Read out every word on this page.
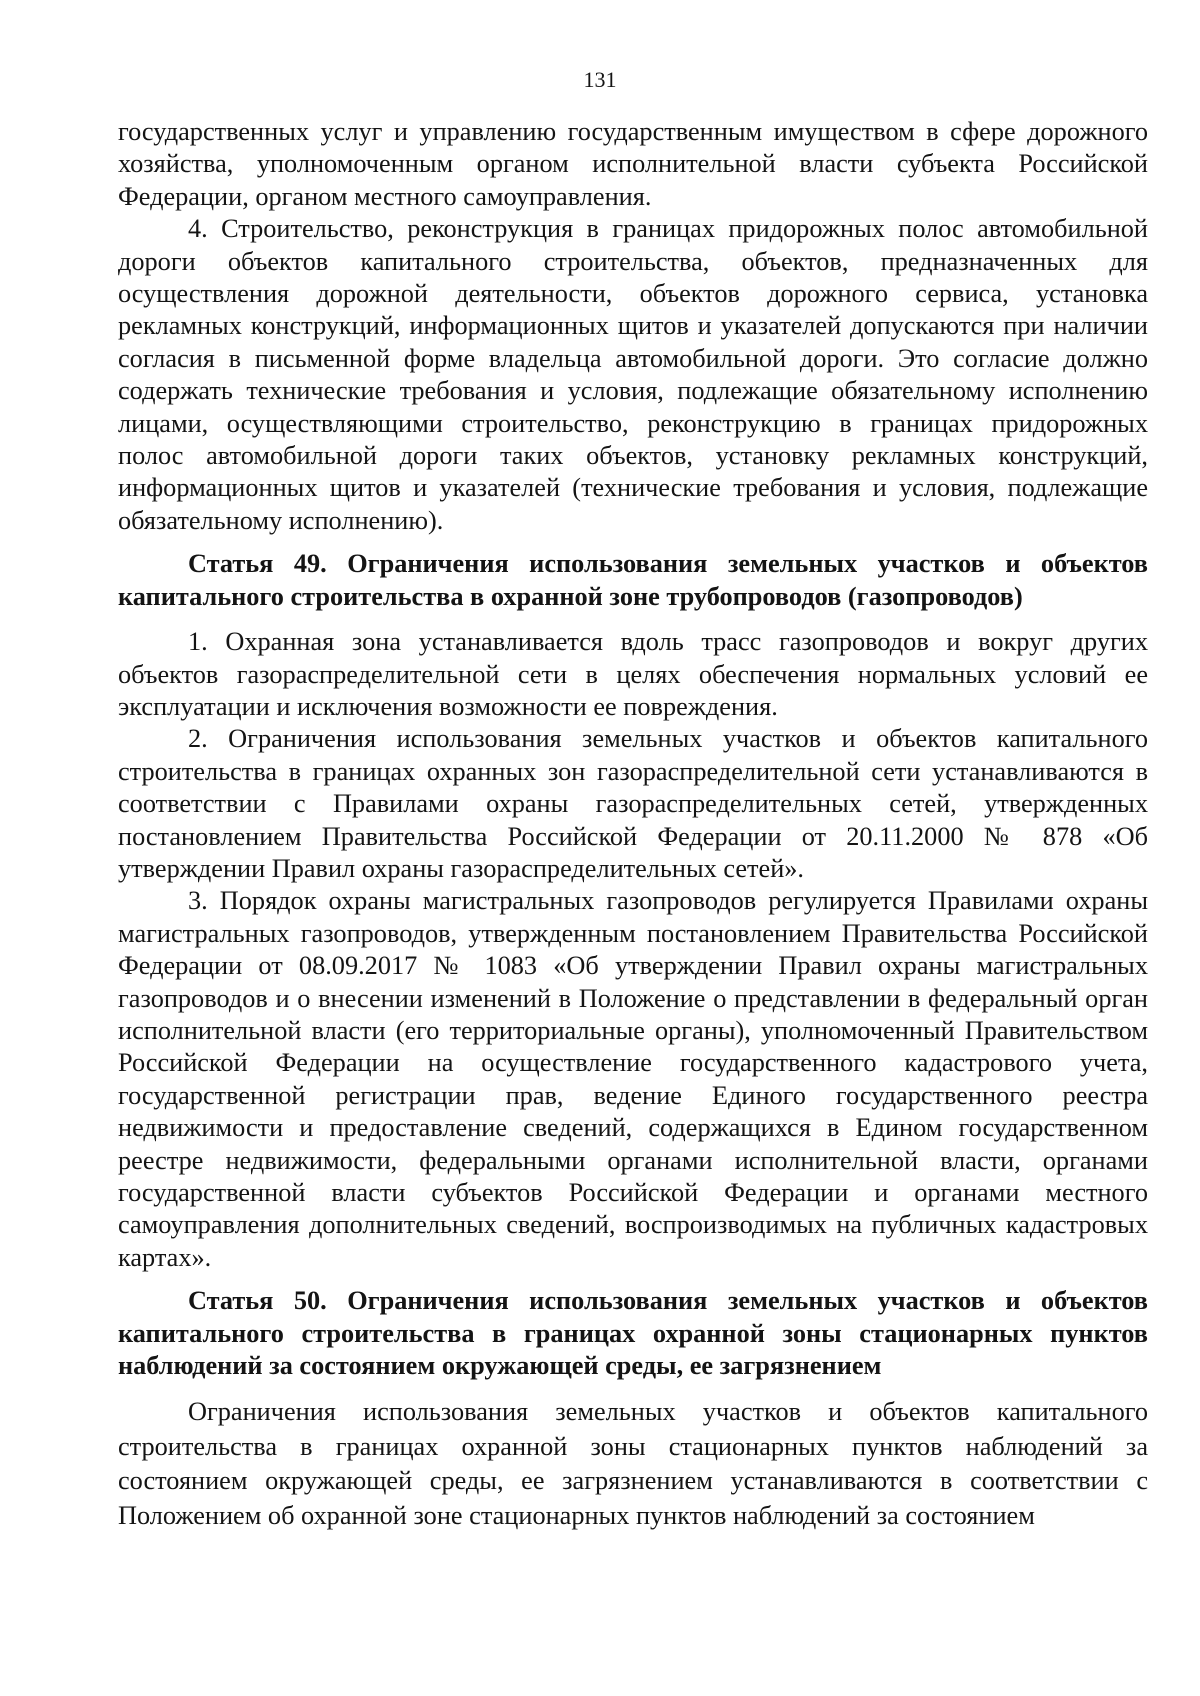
131

государственных услуг и управлению государственным имуществом в сфере дорожного хозяйства, уполномоченным органом исполнительной власти субъекта Российской Федерации, органом местного самоуправления.

4. Строительство, реконструкция в границах придорожных полос автомобильной дороги объектов капитального строительства, объектов, предназначенных для осуществления дорожной деятельности, объектов дорожного сервиса, установка рекламных конструкций, информационных щитов и указателей допускаются при наличии согласия в письменной форме владельца автомобильной дороги. Это согласие должно содержать технические требования и условия, подлежащие обязательному исполнению лицами, осуществляющими строительство, реконструкцию в границах придорожных полос автомобильной дороги таких объектов, установку рекламных конструкций, информационных щитов и указателей (технические требования и условия, подлежащие обязательному исполнению).

Статья 49. Ограничения использования земельных участков и объектов капитального строительства в охранной зоне трубопроводов (газопроводов)

1. Охранная зона устанавливается вдоль трасс газопроводов и вокруг других объектов газораспределительной сети в целях обеспечения нормальных условий ее эксплуатации и исключения возможности ее повреждения.

2. Ограничения использования земельных участков и объектов капитального строительства в границах охранных зон газораспределительной сети устанавливаются в соответствии с Правилами охраны газораспределительных сетей, утвержденных постановлением Правительства Российской Федерации от 20.11.2000 № 878 «Об утверждении Правил охраны газораспределительных сетей».

3. Порядок охраны магистральных газопроводов регулируется Правилами охраны магистральных газопроводов, утвержденным постановлением Правительства Российской Федерации от 08.09.2017 № 1083 «Об утверждении Правил охраны магистральных газопроводов и о внесении изменений в Положение о представлении в федеральный орган исполнительной власти (его территориальные органы), уполномоченный Правительством Российской Федерации на осуществление государственного кадастрового учета, государственной регистрации прав, ведение Единого государственного реестра недвижимости и предоставление сведений, содержащихся в Едином государственном реестре недвижимости, федеральными органами исполнительной власти, органами государственной власти субъектов Российской Федерации и органами местного самоуправления дополнительных сведений, воспроизводимых на публичных кадастровых картах».

Статья 50. Ограничения использования земельных участков и объектов капитального строительства в границах охранной зоны стационарных пунктов наблюдений за состоянием окружающей среды, ее загрязнением

Ограничения использования земельных участков и объектов капитального строительства в границах охранной зоны стационарных пунктов наблюдений за состоянием окружающей среды, ее загрязнением устанавливаются в соответствии с Положением об охранной зоне стационарных пунктов наблюдений за состоянием
